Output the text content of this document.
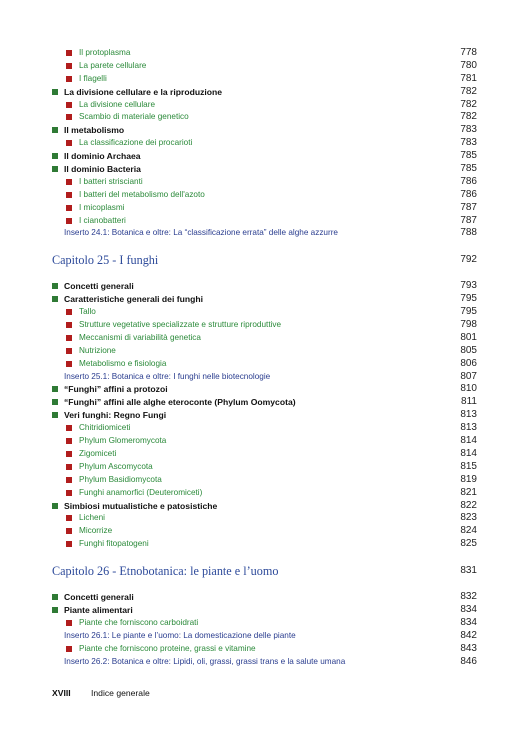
Il protoplasma	778
La parete cellulare	780
I flagelli	781
La divisione cellulare e la riproduzione	782
La divisione cellulare	782
Scambio di materiale genetico	782
Il metabolismo	783
La classificazione dei procarioti	783
Il dominio Archaea	785
Il dominio Bacteria	785
I batteri striscianti	786
I batteri del metabolismo dell'azoto	786
I micoplasmi	787
I cianobatteri	787
Inserto 24.1: Botanica e oltre: La “classificazione errata” delle alghe azzurre	788
Capitolo 25 - I funghi	792
Concetti generali	793
Caratteristiche generali dei funghi	795
Tallo	795
Strutture vegetative specializzate e strutture riproduttive	798
Meccanismi di variabilità genetica	801
Nutrizione	805
Metabolismo e fisiologia	806
Inserto 25.1: Botanica e oltre: I funghi nelle biotecnologie	807
“Funghi” affini a protozoi	810
“Funghi” affini alle alghe eteroconte (Phylum Oomycota)	811
Veri funghi: Regno Fungi	813
Chitridiomiceti	813
Phylum Glomeromycota	814
Zigomiceti	814
Phylum Ascomycota	815
Phylum Basidiomycota	819
Funghi anamorfici (Deuteromiceti)	821
Simbiosi mutualistiche e patosistiche	822
Licheni	823
Micorrize	824
Funghi fitopatogeni	825
Capitolo 26 - Etnobotanica: le piante e l’uomo	831
Concetti generali	832
Piante alimentari	834
Piante che forniscono carboidrati	834
Inserto 26.1: Le piante e l’uomo: La domesticazione delle piante	842
Piante che forniscono proteine, grassi e vitamine	843
Inserto 26.2: Botanica e oltre: Lipidi, oli, grassi, grassi trans e la salute umana	846
XVIII Indice generale
